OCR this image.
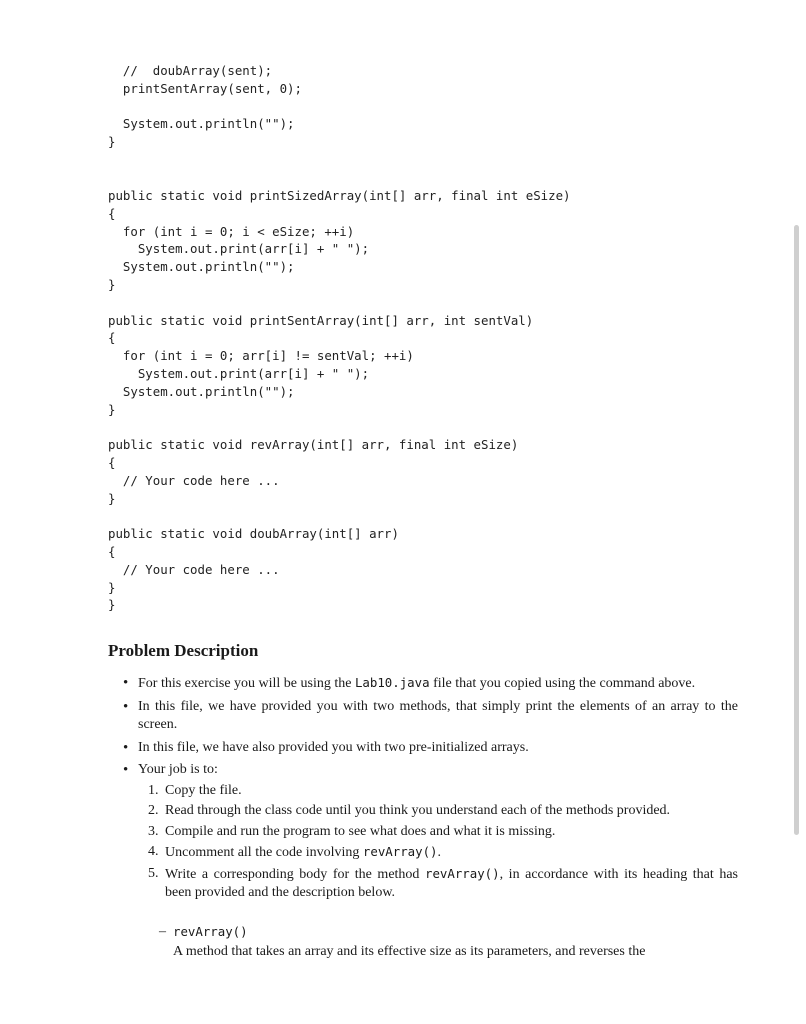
//  doubArray(sent);
printSentArray(sent, 0);

System.out.println("");
}
public static void printSizedArray(int[] arr, final int eSize)
{
for (int i = 0; i < eSize; ++i)
System.out.print(arr[i] + " ");
System.out.println("");
}

public static void printSentArray(int[] arr, int sentVal)
{
for (int i = 0; arr[i] != sentVal; ++i)
System.out.print(arr[i] + " ");
System.out.println("");
}

public static void revArray(int[] arr, final int eSize)
{
// Your code here ...
}

public static void doubArray(int[] arr)
{
// Your code here ...
}
}
Problem Description
• For this exercise you will be using the Lab10.java file that you copied using the command above.
• In this file, we have provided you with two methods, that simply print the elements of an array to the screen.
• In this file, we have also provided you with two pre-initialized arrays.
• Your job is to:
1. Copy the file.
2. Read through the class code until you think you understand each of the methods provided.
3. Compile and run the program to see what does and what it is missing.
4. Uncomment all the code involving revArray().
5. Write a corresponding body for the method revArray(), in accordance with its heading that has been provided and the description below.
– revArray()
A method that takes an array and its effective size as its parameters, and reverses the
